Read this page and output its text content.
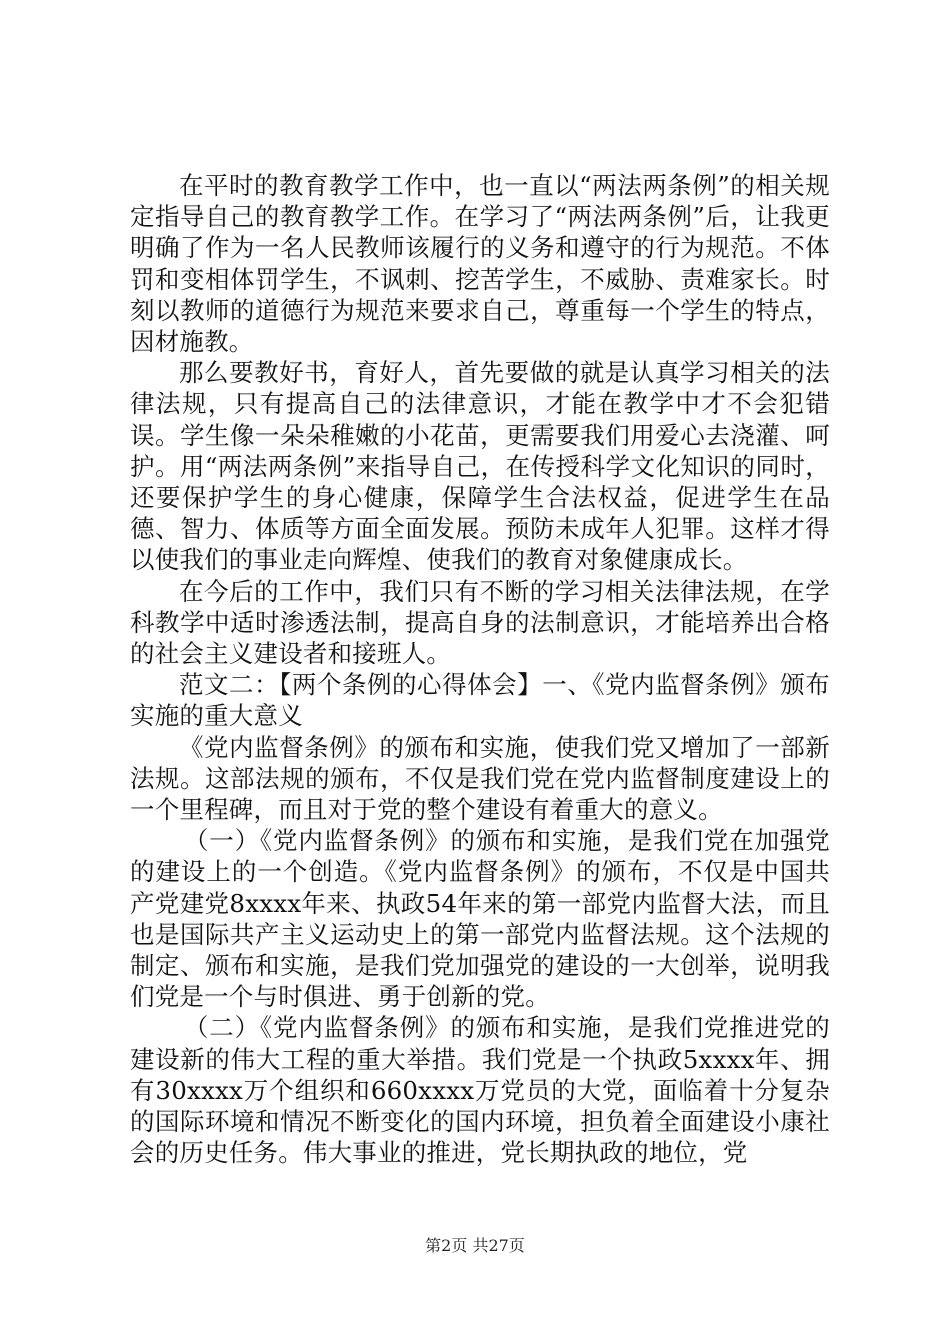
在平时的教育教学工作中，也一直以“两法两条例”的相关规定指导自己的教育教学工作。在学习了“两法两条例”后，让我更明确了作为一名人民教师该履行的义务和遵守的行为规范。不体罚和变相体罚学生，不讽刺、挖苦学生，不威胁、责难家长。时刻以教师的道德行为规范来要求自己，尊重每一个学生的特点，因材施教。

那么要教好书，育好人，首先要做的就是认真学习相关的法律法规，只有提高自己的法律意识，才能在教学中才不会犯错误。学生像一朵朵稚嫩的小花苗，更需要我们用爱心去浇灌、呵护。用“两法两条例”来指导自己，在传授科学文化知识的同时，还要保护学生的身心健康，保障学生合法权益，促进学生在品德、智力、体质等方面全面发展。预防未成年人犯罪。这样才得以使我们的事业走向辉煌、使我们的教育对象健康成长。

在今后的工作中，我们只有不断的学习相关法律法规，在学科教学中适时渗透法制，提高自身的法制意识，才能培养出合格的社会主义建设者和接班人。

范文二：【两个条例的心得体会】一、《党内监督条例》颁布实施的重大意义

《党内监督条例》的颁布和实施，使我们党又增加了一部新法规。这部法规的颁布，不仅是我们党在党内监督制度建设上的一个里程碑，而且对于党的整个建设有着重大的意义。

（一）《党内监督条例》的颁布和实施，是我们党在加强党的建设上的一个创造。《党内监督条例》的颁布，不仅是中国共产党建党8xxxx年来、执政54年来的第一部党内监督大法，而且也是国际共产主义运动史上的第一部党内监督法规。这个法规的制定、颁布和实施，是我们党加强党的建设的一大创举，说明我们党是一个与时俱进、勇于创新的党。

（二）《党内监督条例》的颁布和实施，是我们党推进党的建设新的伟大工程的重大举措。我们党是一个执政5xxxx年、拥有30xxxx万个组织和660xxxx万党员的大党，面临着十分复杂的国际环境和情况不断变化的国内环境，担负着全面建设小康社会的历史任务。伟大事业的推进，党长期执政的地位，党

第2页 共27页
